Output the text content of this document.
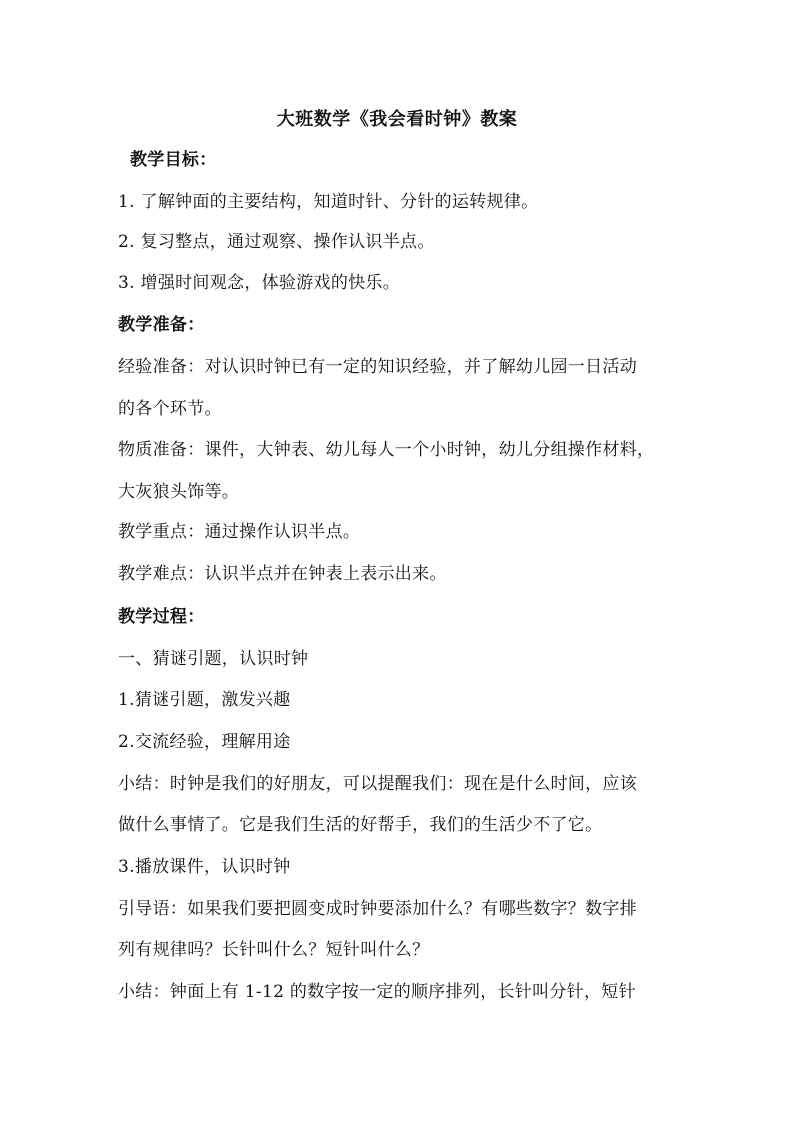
大班数学《我会看时钟》教案
教学目标：
1. 了解钟面的主要结构，知道时针、分针的运转规律。
2. 复习整点，通过观察、操作认识半点。
3. 增强时间观念，体验游戏的快乐。
教学准备：
经验准备：对认识时钟已有一定的知识经验，并了解幼儿园一日活动
的各个环节。
物质准备：课件，大钟表、幼儿每人一个小时钟，幼儿分组操作材料，
大灰狼头饰等。
教学重点：通过操作认识半点。
教学难点：认识半点并在钟表上表示出来。
教学过程：
一、猜谜引题，认识时钟
1.猜谜引题，激发兴趣
2.交流经验，理解用途
小结：时钟是我们的好朋友，可以提醒我们：现在是什么时间，应该
做什么事情了。它是我们生活的好帮手，我们的生活少不了它。
3.播放课件，认识时钟
引导语：如果我们要把圆变成时钟要添加什么？有哪些数字？数字排
列有规律吗？长针叫什么？短针叫什么？
小结：钟面上有 1-12 的数字按一定的顺序排列，长针叫分针，短针
